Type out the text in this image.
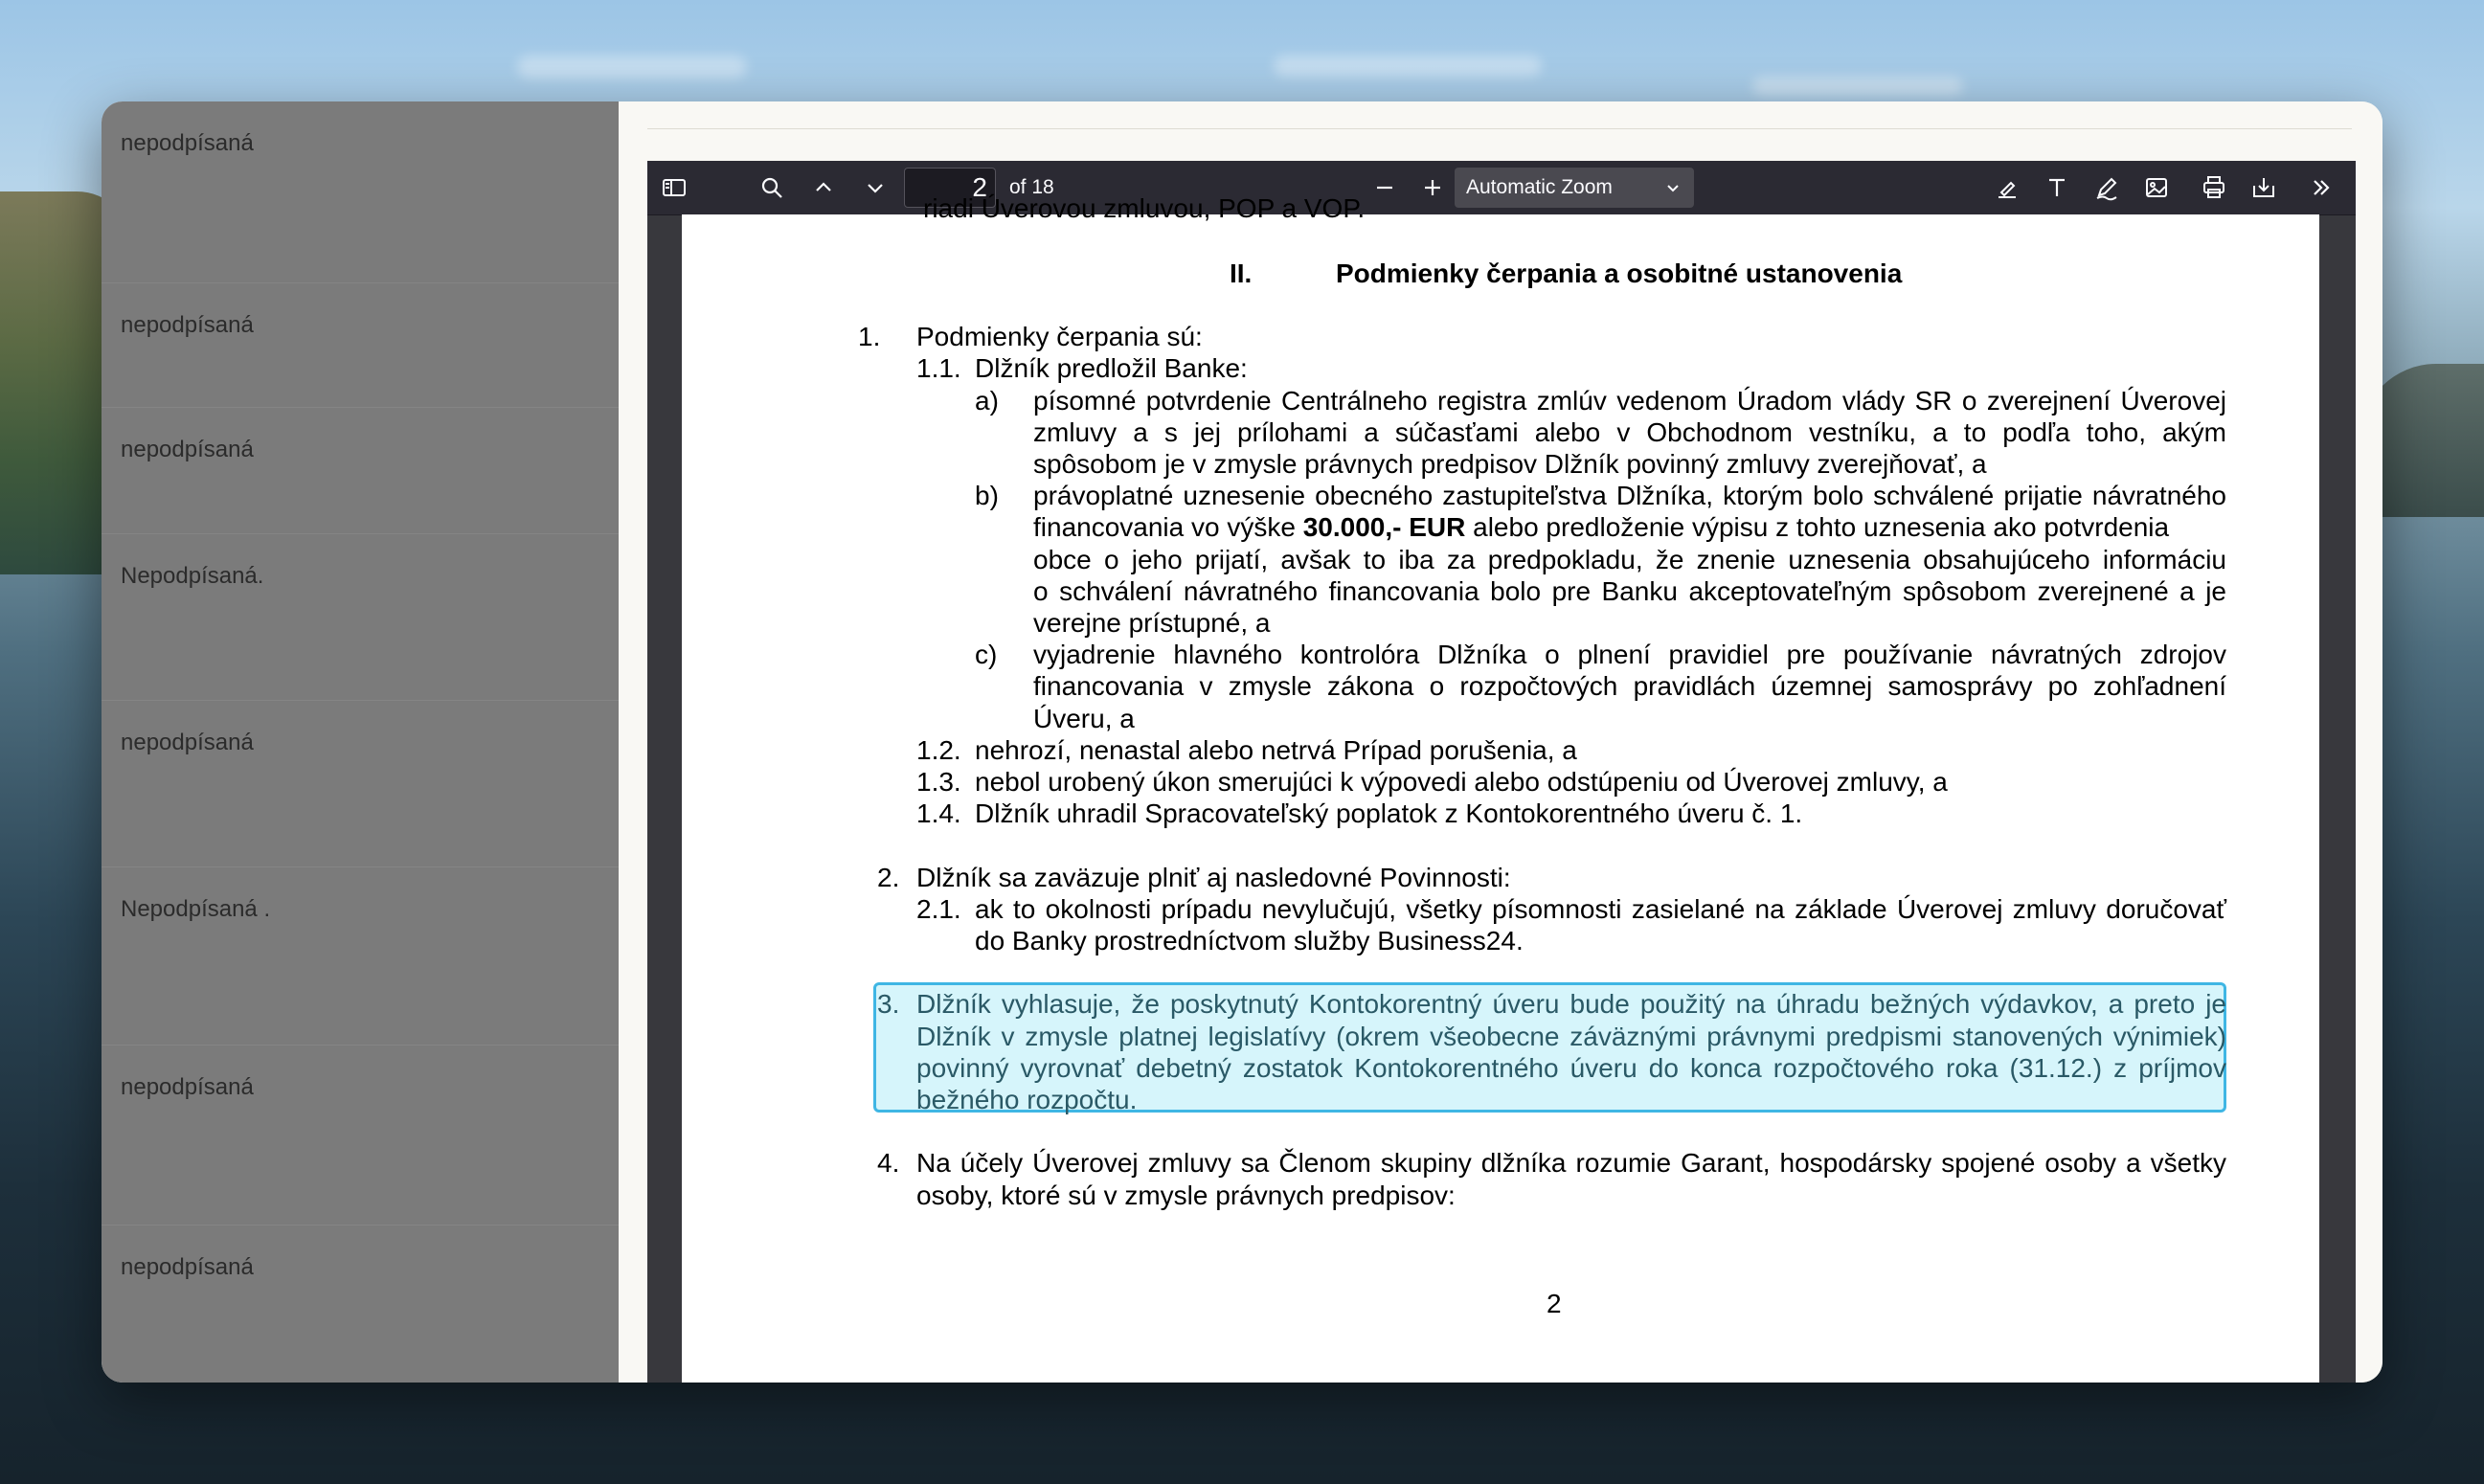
nepodpísaná
nepodpísaná
nepodpísaná
Nepodpísaná.
nepodpísaná
Nepodpísaná .
nepodpísaná
nepodpísaná
2
of 18	Automatic Zoom
riadi Úverovou zmluvou, POP a VOP.
II.	Podmienky čerpania a osobitné ustanovenia
1. Podmienky čerpania sú:
1.1. Dlžník predložil Banke:
a) písomné potvrdenie Centrálneho registra zmlúv vedenom Úradom vlády SR o zverejnení Úverovej
zmluvy a s jej prílohami a súčasťami alebo v Obchodnom vestníku, a to podľa toho, akým
spôsobom je v zmysle právnych predpisov Dlžník povinný zmluvy zverejňovať, a
b) právoplatné uznesenie obecného zastupiteľstva Dlžníka, ktorým bolo schválené prijatie návratného
financovania vo výške 30.000,- EUR alebo predloženie výpisu z tohto uznesenia ako potvrdenia
obce o jeho prijatí, avšak to iba za predpokladu, že znenie uznesenia obsahujúceho informáciu
o schválení návratného financovania bolo pre Banku akceptovateľným spôsobom zverejnené a je
verejne prístupné, a
c) vyjadrenie hlavného kontrolóra Dlžníka o plnení pravidiel pre používanie návratných zdrojov
financovania v zmysle zákona o rozpočtových pravidlách územnej samosprávy po zohľadnení
Úveru, a
1.2. nehrozí, nenastal alebo netrvá Prípad porušenia, a
1.3. nebol urobený úkon smerujúci k výpovedi alebo odstúpeniu od Úverovej zmluvy, a
1.4. Dlžník uhradil Spracovateľský poplatok z Kontokorentného úveru č. 1.
2. Dlžník sa zaväzuje plniť aj nasledovné Povinnosti:
2.1. ak to okolnosti prípadu nevylučujú, všetky písomnosti zasielané na základe Úverovej zmluvy doručovať
do Banky prostredníctvom služby Business24.
3. Dlžník vyhlasuje, že poskytnutý Kontokorentný úveru bude použitý na úhradu bežných výdavkov, a preto je
Dlžník v zmysle platnej legislatívy (okrem všeobecne záväznými právnymi predpismi stanovených výnimiek)
povinný vyrovnať debetný zostatok Kontokorentného úveru do konca rozpočtového roka (31.12.) z príjmov
bežného rozpočtu.
4. Na účely Úverovej zmluvy sa Členom skupiny dlžníka rozumie Garant, hospodársky spojené osoby a všetky
osoby, ktoré sú v zmysle právnych predpisov:
2
